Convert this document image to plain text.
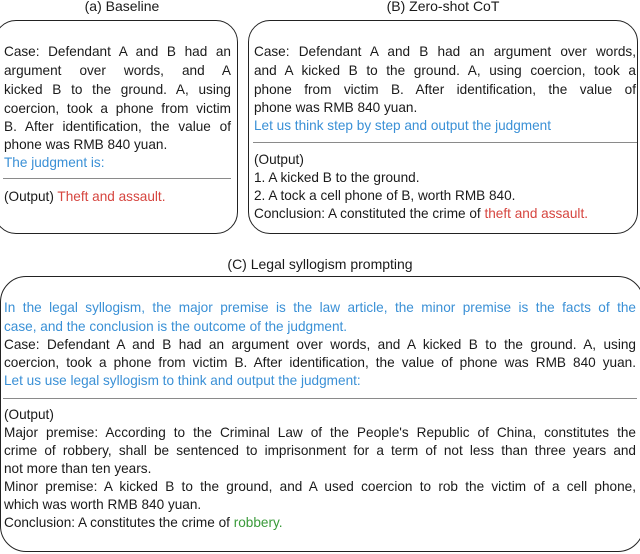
(a) Baseline
Case: Defendant A and B had an
argument over words, and A
kicked B to the ground. A, using
coercion, took a phone from victim
B. After identification, the value of
phone was RMB 840 yuan.
The judgment is:
(Output) Theft and assault.
(B) Zero-shot CoT
Case: Defendant A and B had an argument over words,
and A kicked B to the ground. A, using coercion, took a
phone from victim B. After identification, the value of
phone was RMB 840 yuan.
Let us think step by step and output the judgment
(Output)
1. A kicked B to the ground.
2. A tock a cell phone of B, worth RMB 840.
Conclusion: A constituted the crime of theft and assault.
(C) Legal syllogism prompting
In the legal syllogism, the major premise is the law article, the minor premise is the facts of the
case, and the conclusion is the outcome of the judgment.
Case: Defendant A and B had an argument over words, and A kicked B to the ground. A, using
coercion, took a phone from victim B. After identification, the value of phone was RMB 840 yuan.
Let us use legal syllogism to think and output the judgment:
(Output)
Major premise: According to the Criminal Law of the People's Republic of China, constitutes the
crime of robbery, shall be sentenced to imprisonment for a term of not less than three years and
not more than ten years.
Minor premise: A kicked B to the ground, and A used coercion to rob the victim of a cell phone,
which was worth RMB 840 yuan.
Conclusion: A constitutes the crime of robbery.
